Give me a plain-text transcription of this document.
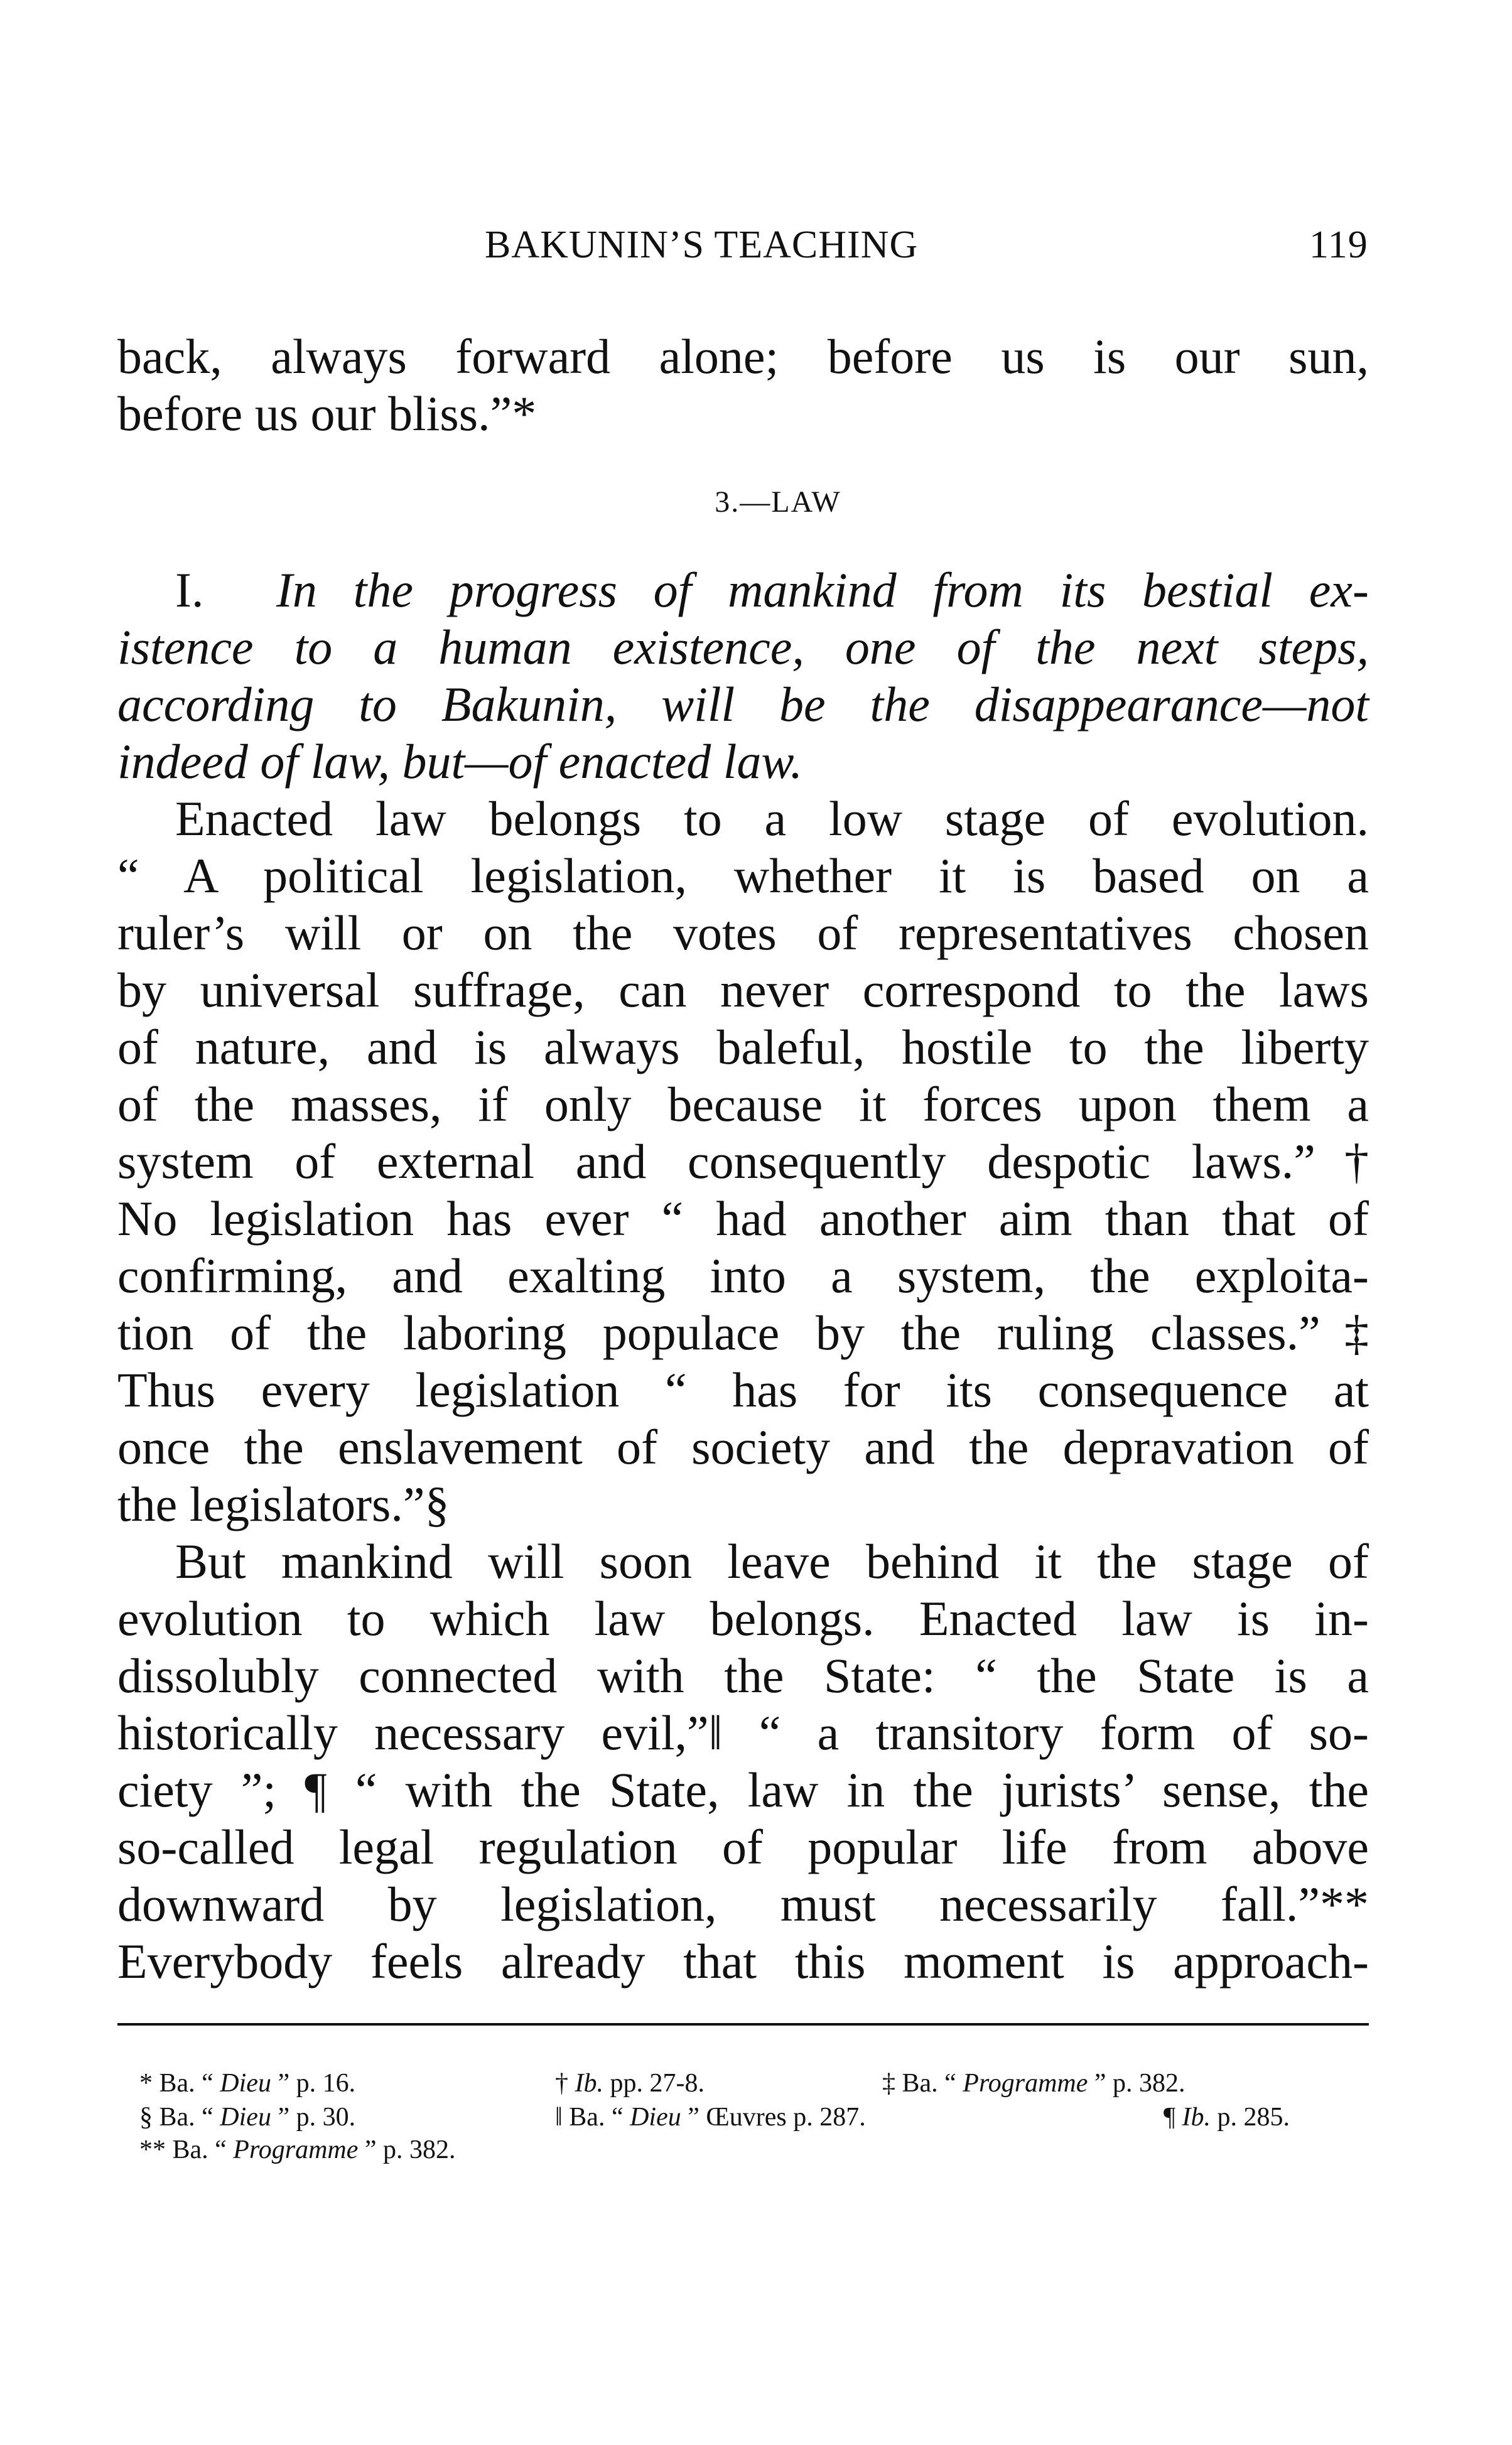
BAKUNIN’S TEACHING	119
back, always forward alone; before us is our sun,
before us our bliss.”*
3.—LAW
I. In the progress of mankind from its bestial ex-
istence to a human existence, one of the next steps,
according to Bakunin, will be the disappearance—not
indeed of law, but—of enacted law.
Enacted law belongs to a low stage of evolution.
“ A political legislation, whether it is based on a
ruler’s will or on the votes of representatives chosen
by universal suffrage, can never correspond to the laws
of nature, and is always baleful, hostile to the liberty
of the masses, if only because it forces upon them a
system of external and consequently despotic laws.”†
No legislation has ever “ had another aim than that of
confirming, and exalting into a system, the exploita-
tion of the laboring populace by the ruling classes.”‡
Thus every legislation “ has for its consequence at
once the enslavement of society and the depravation of
the legislators.”§
But mankind will soon leave behind it the stage of
evolution to which law belongs. Enacted law is in-
dissolubly connected with the State: “ the State is a
historically necessary evil,”‖ “ a transitory form of so-
ciety ”; ¶ “ with the State, law in the jurists’ sense, the
so-called legal regulation of popular life from above
downward by legislation, must necessarily fall.”**
Everybody feels already that this moment is approach-
* Ba. “ Dieu ” p. 16.	† Ib. pp. 27-8.	‡ Ba. “ Programme ” p. 382.
§ Ba. “ Dieu ” p. 30.	‖ Ba. “ Dieu ” Œuvres p. 287.	¶ Ib. p. 285.
** Ba. “ Programme ” p. 382.
